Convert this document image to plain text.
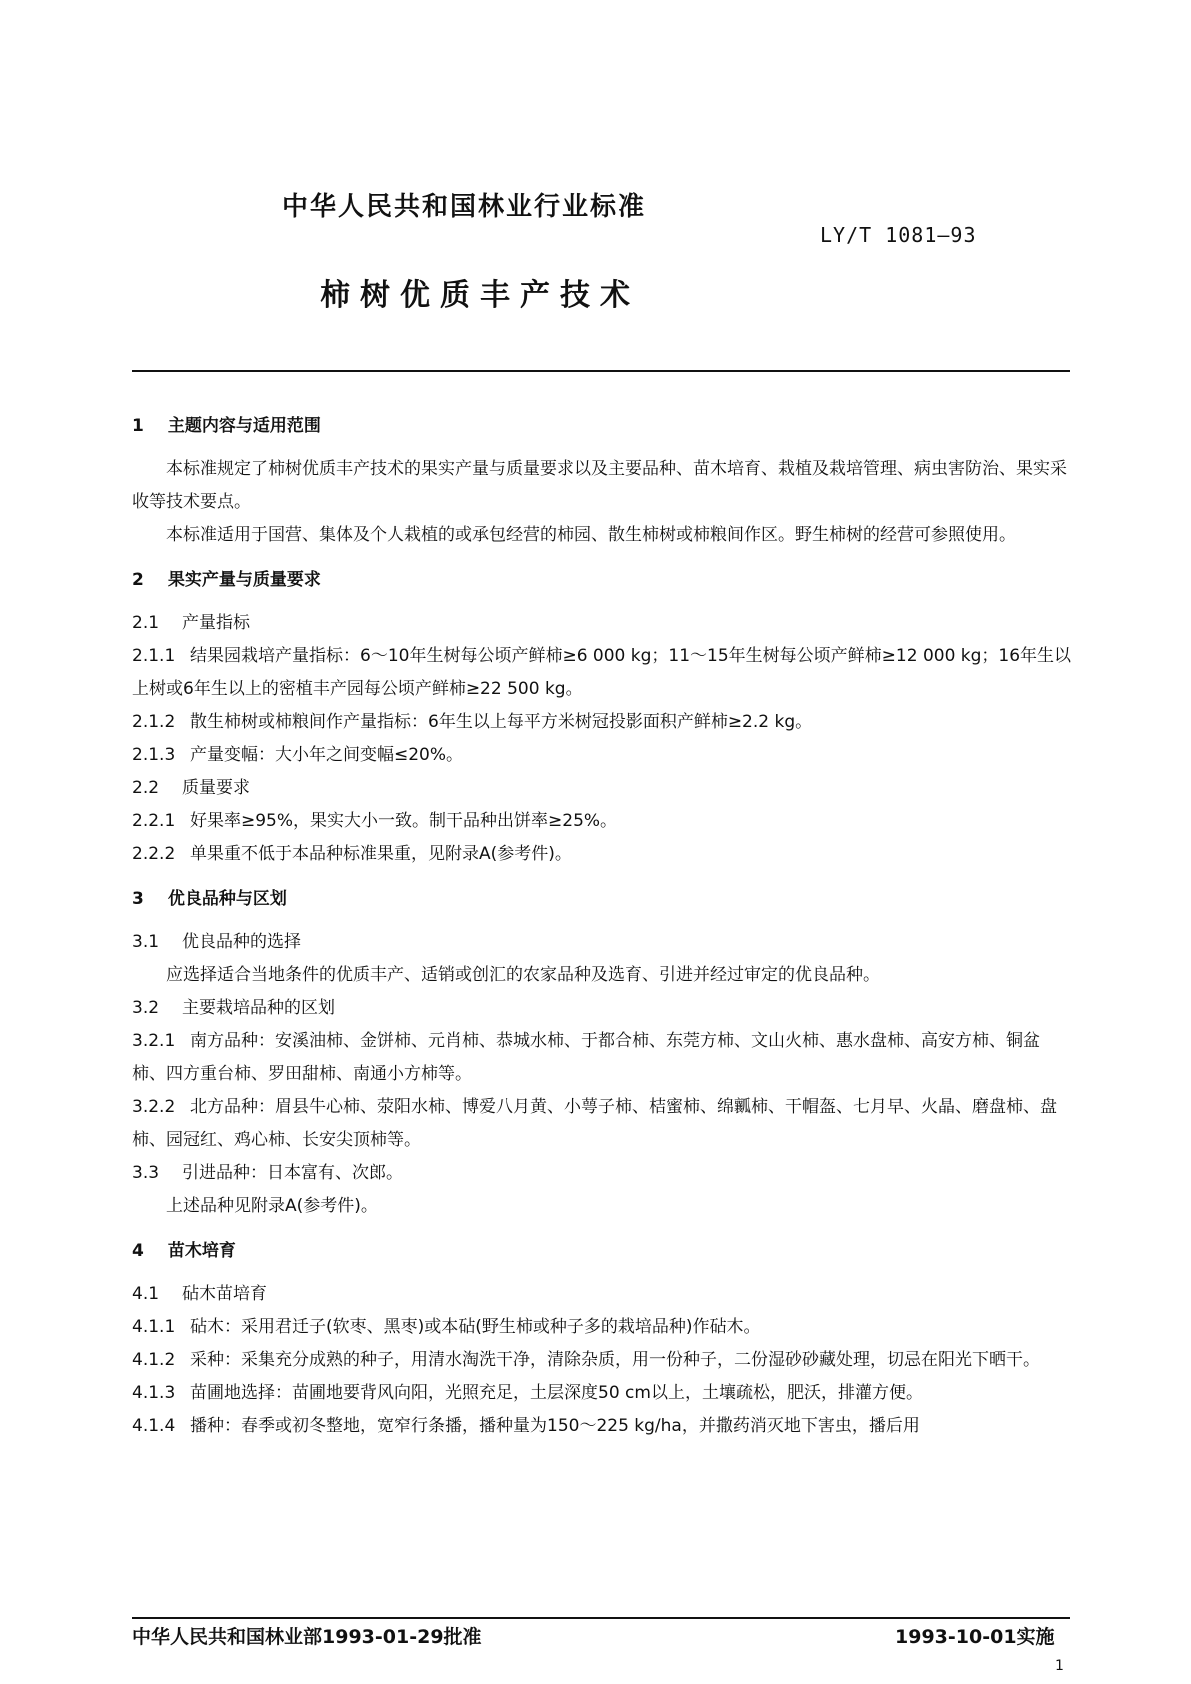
中华人民共和国林业行业标准
LY/T 1081—93
柿树优质丰产技术

1 主题内容与适用范围

本标准规定了柿树优质丰产技术的果实产量与质量要求以及主要品种、苗木培育、栽植及栽培管理、病虫害防治、果实采收等技术要点。

本标准适用于国营、集体及个人栽植的或承包经营的柿园、散生柿树或柿粮间作区。野生柿树的经营可参照使用。

2 果实产量与质量要求

2.1 产量指标

2.1.1 结果园栽培产量指标：6～10年生树每公顷产鲜柿≥6 000 kg；11～15年生树每公顷产鲜柿≥12 000 kg；16年生以上树或6年生以上的密植丰产园每公顷产鲜柿≥22 500 kg。

2.1.2 散生柿树或柿粮间作产量指标：6年生以上每平方米树冠投影面积产鲜柿≥2.2 kg。

2.1.3 产量变幅：大小年之间变幅≤20%。

2.2 质量要求

2.2.1 好果率≥95%，果实大小一致。制干品种出饼率≥25%。

2.2.2 单果重不低于本品种标准果重，见附录A(参考件)。

3 优良品种与区划

3.1 优良品种的选择

应选择适合当地条件的优质丰产、适销或创汇的农家品种及选育、引进并经过审定的优良品种。

3.2 主要栽培品种的区划

3.2.1 南方品种：安溪油柿、金饼柿、元肖柿、恭城水柿、于都合柿、东莞方柿、文山火柿、惠水盘柿、高安方柿、铜盆柿、四方重台柿、罗田甜柿、南通小方柿等。

3.2.2 北方品种：眉县牛心柿、荥阳水柿、博爱八月黄、小萼子柿、桔蜜柿、绵瓤柿、干帽盔、七月早、火晶、磨盘柿、盘柿、园冠红、鸡心柿、长安尖顶柿等。

3.3 引进品种：日本富有、次郎。

上述品种见附录A(参考件)。

4 苗木培育

4.1 砧木苗培育

4.1.1 砧木：采用君迁子(软枣、黑枣)或本砧(野生柿或种子多的栽培品种)作砧木。

4.1.2 采种：采集充分成熟的种子，用清水淘洗干净，清除杂质，用一份种子，二份湿砂砂藏处理，切忌在阳光下晒干。

4.1.3 苗圃地选择：苗圃地要背风向阳，光照充足，土层深度50 cm以上，土壤疏松，肥沃，排灌方便。

4.1.4 播种：春季或初冬整地，宽窄行条播，播种量为150～225 kg/ha，并撒药消灭地下害虫，播后用

中华人民共和国林业部1993-01-29批准	1993-10-01实施
1
